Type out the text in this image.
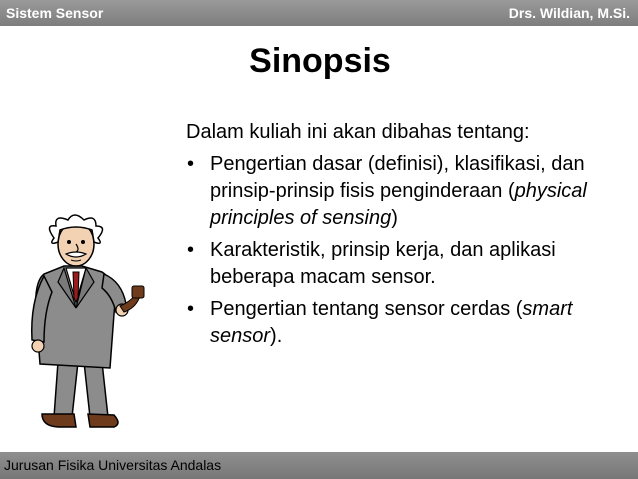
Sistem Sensor	Drs. Wildian, M.Si.
Sinopsis

Dalam kuliah ini akan dibahas tentang:

• Pengertian dasar (definisi), klasifikasi, dan prinsip-prinsip fisis penginderaan (physical principles of sensing)
• Karakteristik, prinsip kerja, dan aplikasi beberapa macam sensor.
• Pengertian tentang sensor cerdas (smart sensor).
Jurusan Fisika Universitas Andalas
